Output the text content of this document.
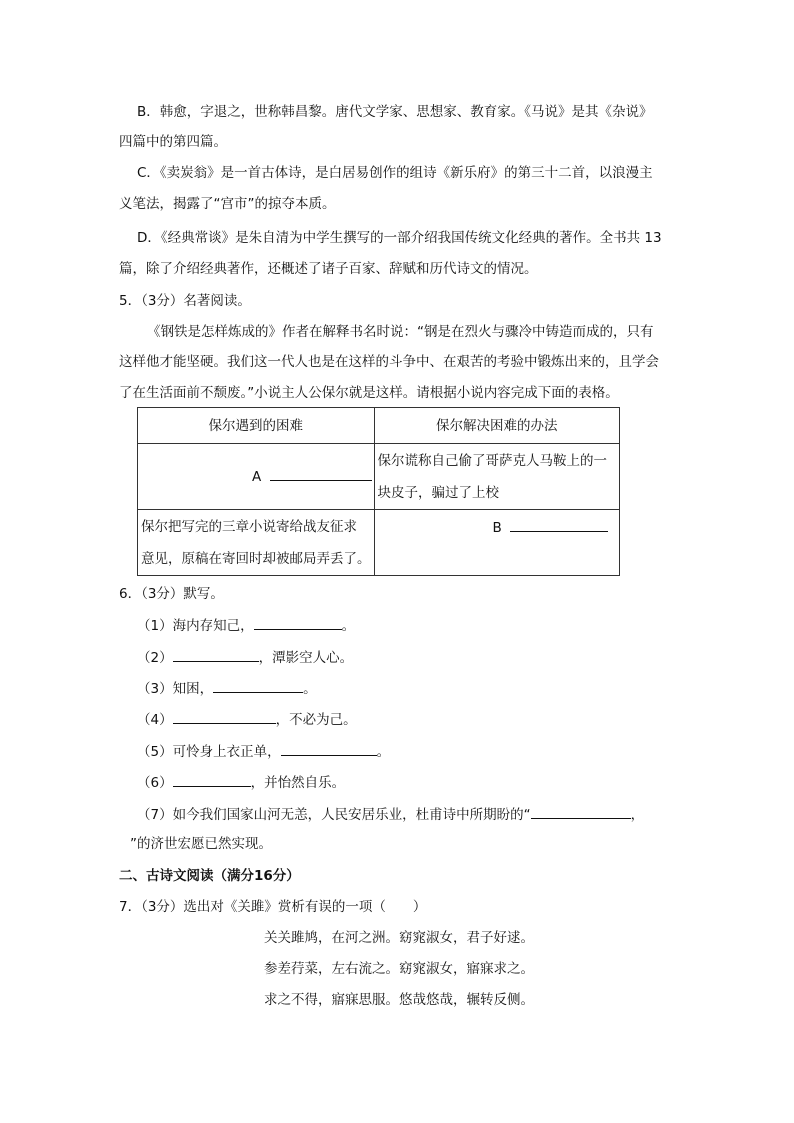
B．韩愈，字退之，世称韩昌黎。唐代文学家、思想家、教育家。《马说》是其《杂说》
四篇中的第四篇。
C．《卖炭翁》是一首古体诗，是白居易创作的组诗《新乐府》的第三十二首，以浪漫主
义笔法，揭露了“宫市”的掠夺本质。
D．《经典常谈》是朱自清为中学生撰写的一部介绍我国传统文化经典的著作。全书共 13
篇，除了介绍经典著作，还概述了诸子百家、辞赋和历代诗文的情况。
5．（3分）名著阅读。
《钢铁是怎样炼成的》作者在解释书名时说：“钢是在烈火与骤冷中铸造而成的，只有
这样他才能坚硬。我们这一代人也是在这样的斗争中、在艰苦的考验中锻炼出来的，且学会
了在生活面前不颓废。”小说主人公保尔就是这样。请根据小说内容完成下面的表格。
保尔遇到的困难	保尔解决困难的办法
A	保尔谎称自己偷了哥萨克人马鞍上的一
块皮子，骗过了上校

保尔把写完的三章小说寄给战友征求
意见，原稿在寄回时却被邮局弄丢了。	B
6．（3分）默写。
（1）海内存知己，	。
（2）	，潭影空人心。
（3）知困，	。
（4）	，不必为己。
（5）可怜身上衣正单，	。
（6）	，并怡然自乐。
（7）如今我们国家山河无恙，人民安居乐业，杜甫诗中所期盼的“	，
”的济世宏愿已然实现。
二、古诗文阅读（满分16分）
7．（3分）选出对《关雎》赏析有误的一项（　　）
关关雎鸠，在河之洲。窈窕淑女，君子好逑。
参差荇菜，左右流之。窈窕淑女，寤寐求之。
求之不得，寤寐思服。悠哉悠哉，辗转反侧。
